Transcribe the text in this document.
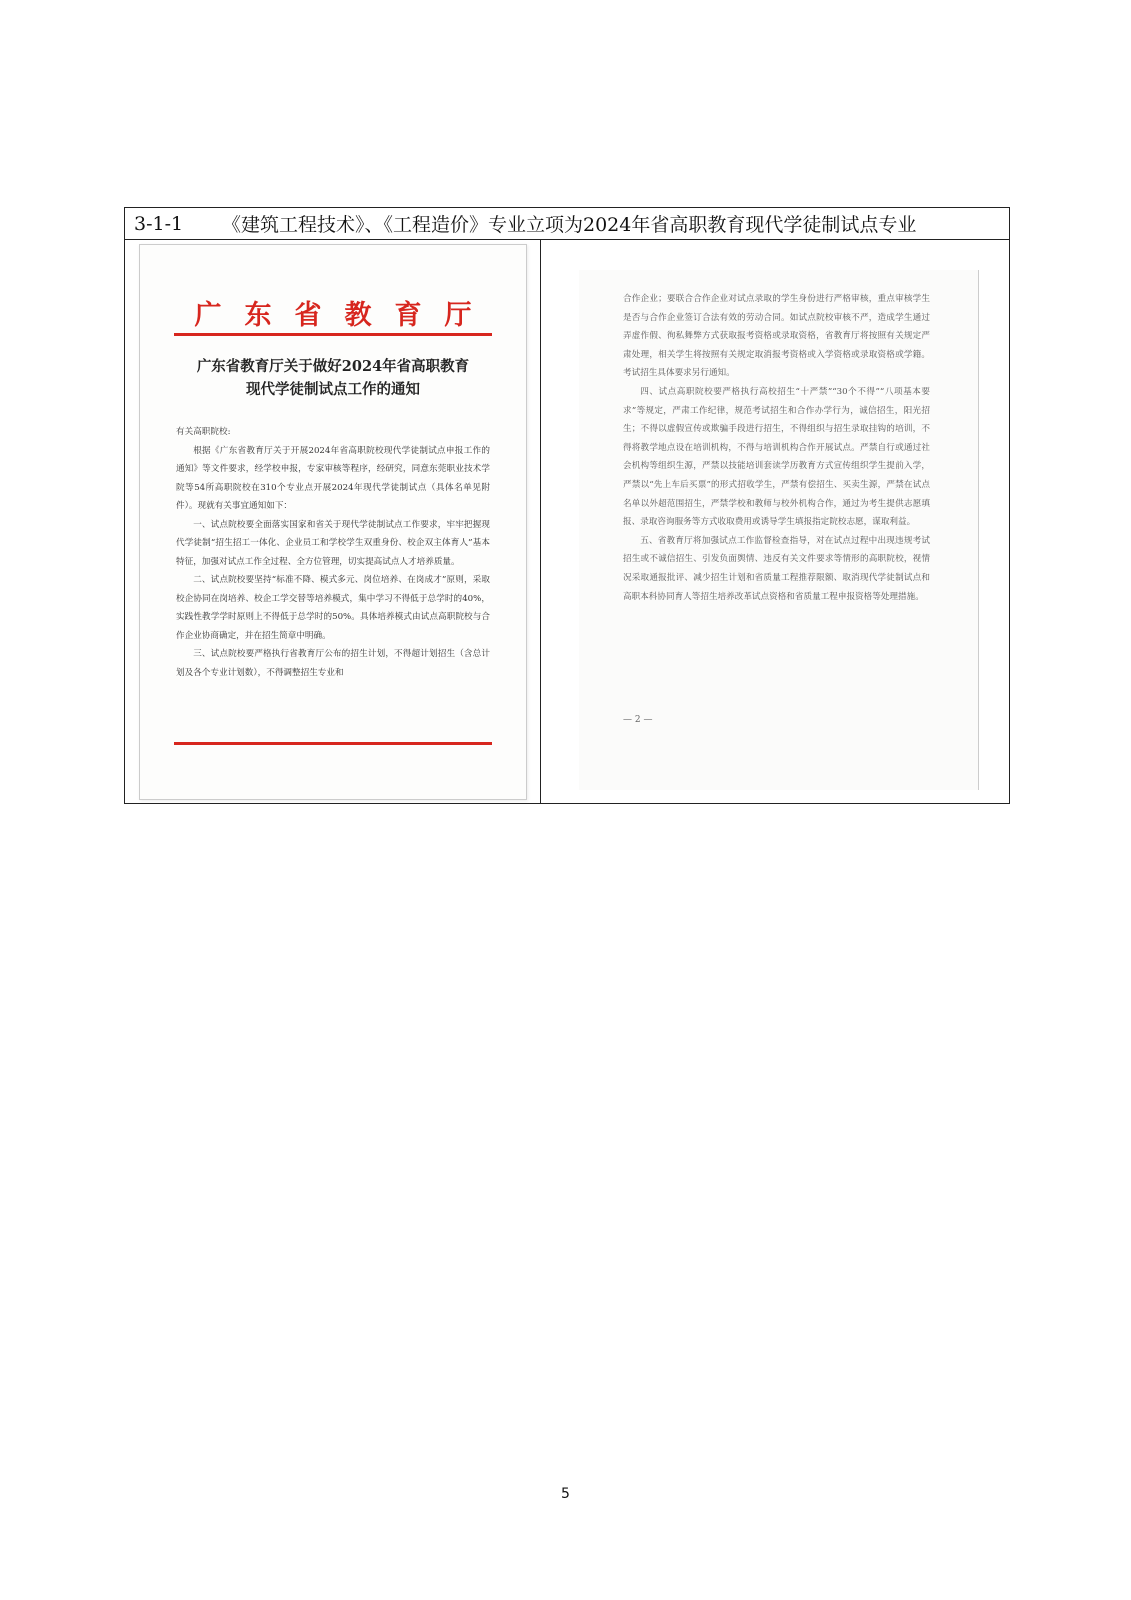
3-1-1	《建筑工程技术》、《工程造价》专业立项为2024年省高职教育现代学徒制试点专业
广东省教育厅
广东省教育厅关于做好2024年省高职教育
现代学徒制试点工作的通知

有关高职院校:

根据《广东省教育厅关于开展2024年省高职院校现代学徒制试点申报工作的通知》等文件要求，经学校申报，专家审核等程序，经研究，同意东莞职业技术学院等54所高职院校在310个专业点开展2024年现代学徒制试点（具体名单见附件）。现就有关事宜通知如下：

一、试点院校要全面落实国家和省关于现代学徒制试点工作要求，牢牢把握现代学徒制“招生招工一体化、企业员工和学校学生双重身份、校企双主体育人”基本特征，加强对试点工作全过程、全方位管理，切实提高试点人才培养质量。

二、试点院校要坚持“标准不降、模式多元、岗位培养、在岗成才”原则，采取校企协同在岗培养、校企工学交替等培养模式，集中学习不得低于总学时的40%，实践性教学学时原则上不得低于总学时的50%。具体培养模式由试点高职院校与合作企业协商确定，并在招生简章中明确。

三、试点院校要严格执行省教育厅公布的招生计划，不得超计划招生（含总计划及各个专业计划数），不得调整招生专业和

合作企业；要联合合作企业对试点录取的学生身份进行严格审核，重点审核学生是否与合作企业签订合法有效的劳动合同。如试点院校审核不严，造成学生通过弄虚作假、徇私舞弊方式获取报考资格或录取资格，省教育厅将按照有关规定严肃处理，相关学生将按照有关规定取消报考资格或入学资格或录取资格或学籍。考试招生具体要求另行通知。

四、试点高职院校要严格执行高校招生“十严禁”“30个不得”“八项基本要求”等规定，严肃工作纪律，规范考试招生和合作办学行为，诚信招生，阳光招生；不得以虚假宣传或欺骗手段进行招生，不得组织与招生录取挂钩的培训，不得将教学地点设在培训机构，不得与培训机构合作开展试点。严禁自行或通过社会机构等组织生源，严禁以技能培训套读学历教育方式宣传组织学生提前入学，严禁以“先上车后买票”的形式招收学生，严禁有偿招生、买卖生源，严禁在试点名单以外超范围招生，严禁学校和教师与校外机构合作，通过为考生提供志愿填报、录取咨询服务等方式收取费用或诱导学生填报指定院校志愿，谋取利益。

五、省教育厅将加强试点工作监督检查指导，对在试点过程中出现违规考试招生或不诚信招生、引发负面舆情、违反有关文件要求等情形的高职院校，视情况采取通报批评、减少招生计划和省质量工程推荐限额、取消现代学徒制试点和高职本科协同育人等招生培养改革试点资格和省质量工程申报资格等处理措施。

— 2 —
5
